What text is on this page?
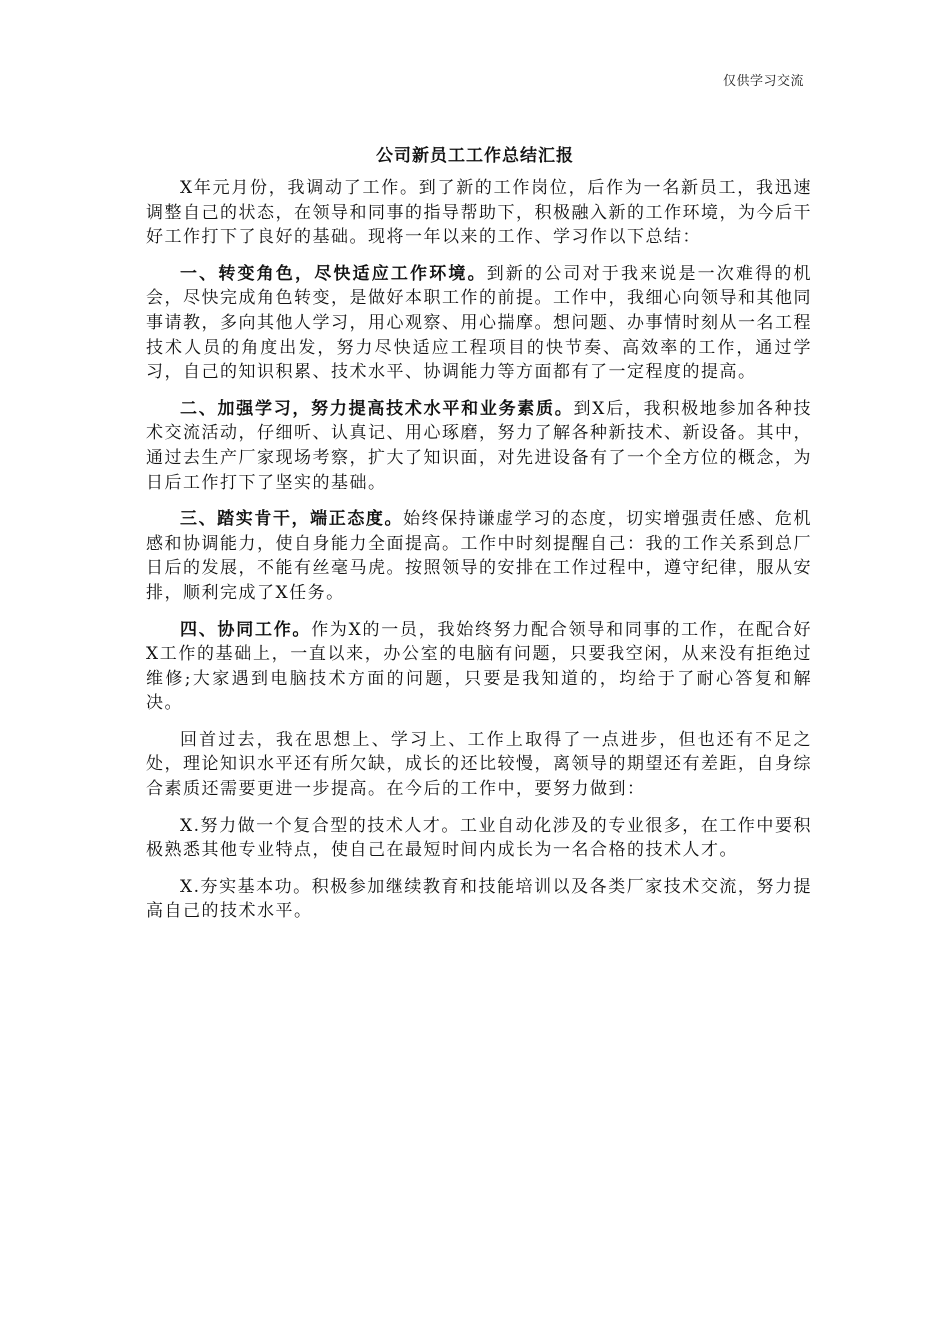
仅供学习交流
公司新员工工作总结汇报

X年元月份，我调动了工作。到了新的工作岗位，后作为一名新员工，我迅速调整自己的状态，在领导和同事的指导帮助下，积极融入新的工作环境，为今后干好工作打下了良好的基础。现将一年以来的工作、学习作以下总结：

一、转变角色，尽快适应工作环境。到新的公司对于我来说是一次难得的机会，尽快完成角色转变，是做好本职工作的前提。工作中，我细心向领导和其他同事请教，多向其他人学习，用心观察、用心揣摩。想问题、办事情时刻从一名工程技术人员的角度出发，努力尽快适应工程项目的快节奏、高效率的工作，通过学习，自己的知识积累、技术水平、协调能力等方面都有了一定程度的提高。

二、加强学习，努力提高技术水平和业务素质。到X后，我积极地参加各种技术交流活动，仔细听、认真记、用心琢磨，努力了解各种新技术、新设备。其中，通过去生产厂家现场考察，扩大了知识面，对先进设备有了一个全方位的概念，为日后工作打下了坚实的基础。

三、踏实肯干，端正态度。始终保持谦虚学习的态度，切实增强责任感、危机感和协调能力，使自身能力全面提高。工作中时刻提醒自己：我的工作关系到总厂日后的发展，不能有丝毫马虎。按照领导的安排在工作过程中，遵守纪律，服从安排，顺利完成了X任务。

四、协同工作。作为X的一员，我始终努力配合领导和同事的工作，在配合好X工作的基础上，一直以来，办公室的电脑有问题，只要我空闲，从来没有拒绝过维修;大家遇到电脑技术方面的问题，只要是我知道的，均给于了耐心答复和解决。

回首过去，我在思想上、学习上、工作上取得了一点进步，但也还有不足之处，理论知识水平还有所欠缺，成长的还比较慢，离领导的期望还有差距，自身综合素质还需要更进一步提高。在今后的工作中，要努力做到：

X.努力做一个复合型的技术人才。工业自动化涉及的专业很多，在工作中要积极熟悉其他专业特点，使自己在最短时间内成长为一名合格的技术人才。

X.夯实基本功。积极参加继续教育和技能培训以及各类厂家技术交流，努力提高自己的技术水平。
